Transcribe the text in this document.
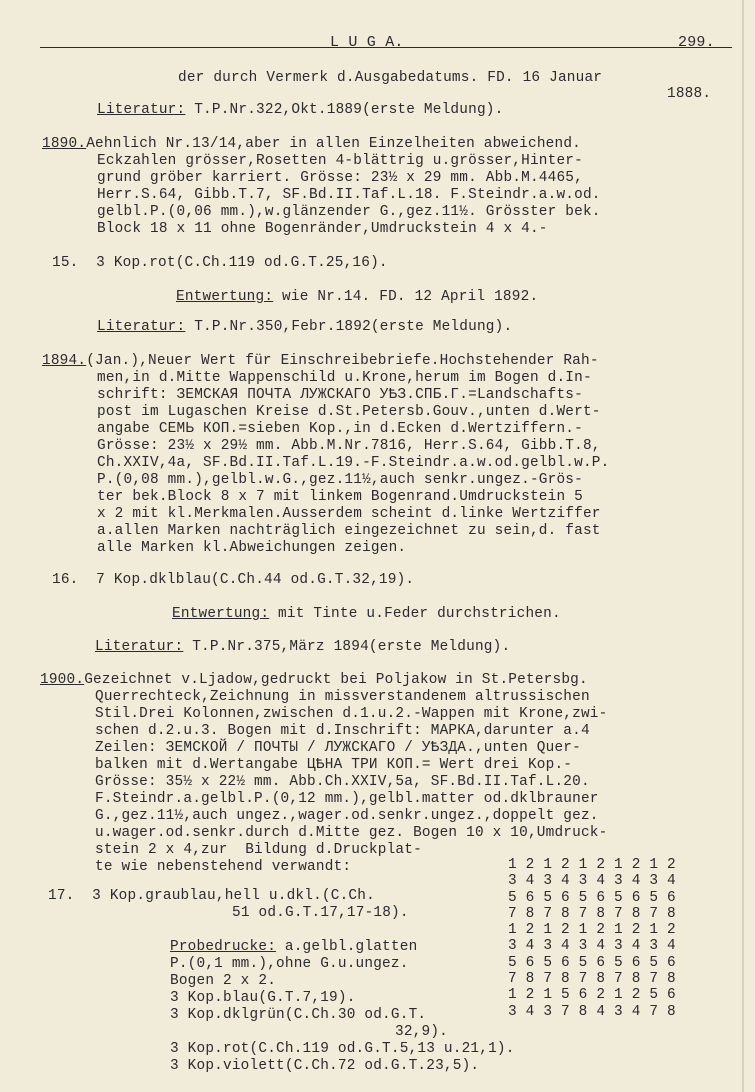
L U G A.	299.
der durch Vermerk d.Ausgabedatums. FD. 16 Januar
1888.
Literatur: T.P.Nr.322,Okt.1889(erste Meldung).
1890.Aehnlich Nr.13/14,aber in allen Einzelheiten abweichend.
Eckzahlen grösser,Rosetten 4-blättrig u.grösser,Hinter-
grund gröber karriert. Grösse: 23½ x 29 mm. Abb.M.4465,
Herr.S.64, Gibb.T.7, SF.Bd.II.Taf.L.18. F.Steindr.a.w.od.
gelbl.P.(0,06 mm.),w.glänzender G.,gez.11½. Grösster bek.
Block 18 x 11 ohne Bogenränder,Umdruckstein 4 x 4.-
15.  3 Kop.rot(C.Ch.119 od.G.T.25,16).
Entwertung: wie Nr.14. FD. 12 April 1892.
Literatur: T.P.Nr.350,Febr.1892(erste Meldung).
1894.(Jan.),Neuer Wert für Einschreibebriefe.Hochstehender Rah-
men,in d.Mitte Wappenschild u.Krone,herum im Bogen d.In-
schrift: ЗЕМСКАЯ ПОЧТА ЛУЖСКАГО УѢЗ.СПБ.Г.=Landschafts-
post im Lugaschen Kreise d.St.Petersb.Gouv.,unten d.Wert-
angabe СЕМЬ КОП.=sieben Kop.,in d.Ecken d.Wertziffern.-
Grösse: 23½ x 29½ mm. Abb.M.Nr.7816, Herr.S.64, Gibb.T.8,
Ch.XXIV,4a, SF.Bd.II.Taf.L.19.-F.Steindr.a.w.od.gelbl.w.P.
P.(0,08 mm.),gelbl.w.G.,gez.11½,auch senkr.ungez.-Grös-
ter bek.Block 8 x 7 mit linkem Bogenrand.Umdruckstein 5
x 2 mit kl.Merkmalen.Ausserdem scheint d.linke Wertziffer
a.allen Marken nachträglich eingezeichnet zu sein,d. fast
alle Marken kl.Abweichungen zeigen.
16.  7 Kop.dklblau(C.Ch.44 od.G.T.32,19).
Entwertung: mit Tinte u.Feder durchstrichen.
Literatur: T.P.Nr.375,März 1894(erste Meldung).
1900.Gezeichnet v.Ljadow,gedruckt bei Poljakow in St.Petersbg.
Querrechteck,Zeichnung in missverstandenem altrussischen
Stil.Drei Kolonnen,zwischen d.1.u.2.-Wappen mit Krone,zwi-
schen d.2.u.3. Bogen mit d.Inschrift: МАРКА,darunter a.4
Zeilen: ЗЕМСКОЙ / ПОЧТЫ / ЛУЖСКАГО / УѢЗДА.,unten Quer-
balken mit d.Wertangabe ЦѢНА ТРИ КОП.= Wert drei Kop.-
Grösse: 35½ x 22½ mm. Abb.Ch.XXIV,5a, SF.Bd.II.Taf.L.20.
F.Steindr.a.gelbl.P.(0,12 mm.),gelbl.matter od.dklbrauner
G.,gez.11½,auch ungez.,wager.od.senkr.ungez.,doppelt gez.
u.wager.od.senkr.durch d.Mitte gez. Bogen 10 x 10,Umdruck-
stein 2 x 4,zur  Bildung d.Druckplat-
te wie nebenstehend verwandt:
17.  3 Kop.graublau,hell u.dkl.(C.Ch.
51 od.G.T.17,17-18).
Probedrucke: a.gelbl.glatten
P.(0,1 mm.),ohne G.u.ungez.
Bogen 2 x 2.
3 Kop.blau(G.T.7,19).
3 Kop.dklgrün(C.Ch.30 od.G.T.
32,9).
3 Kop.rot(C.Ch.119 od.G.T.5,13 u.21,1).
3 Kop.violett(C.Ch.72 od.G.T.23,5).
1 2 1 2 1 2 1 2 1 2
3 4 3 4 3 4 3 4 3 4
5 6 5 6 5 6 5 6 5 6
7 8 7 8 7 8 7 8 7 8
1 2 1 2 1 2 1 2 1 2
3 4 3 4 3 4 3 4 3 4
5 6 5 6 5 6 5 6 5 6
7 8 7 8 7 8 7 8 7 8
1 2 1 5 6 2 1 2 5 6
3 4 3 7 8 4 3 4 7 8
